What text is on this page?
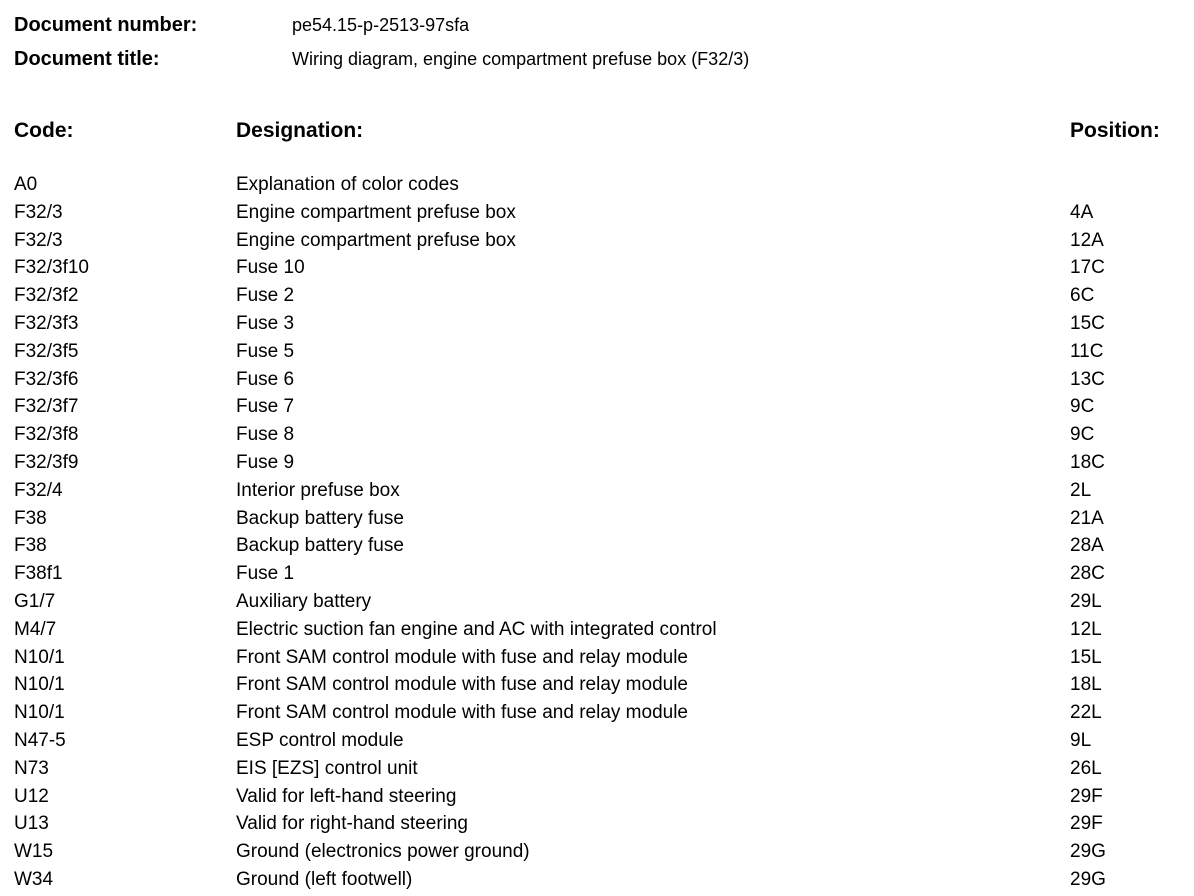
Document number:	pe54.15-p-2513-97sfa
Document title:	Wiring diagram, engine compartment prefuse box (F32/3)
Code:	Designation:	Position:
A0	Explanation of color codes
F32/3	Engine compartment prefuse box	4A
F32/3	Engine compartment prefuse box	12A
F32/3f10	Fuse 10	17C
F32/3f2	Fuse 2	6C
F32/3f3	Fuse 3	15C
F32/3f5	Fuse 5	11C
F32/3f6	Fuse 6	13C
F32/3f7	Fuse 7	9C
F32/3f8	Fuse 8	9C
F32/3f9	Fuse 9	18C
F32/4	Interior prefuse box	2L
F38	Backup battery fuse	21A
F38	Backup battery fuse	28A
F38f1	Fuse 1	28C
G1/7	Auxiliary battery	29L
M4/7	Electric suction fan engine and AC with integrated control	12L
N10/1	Front SAM control module with fuse and relay module	15L
N10/1	Front SAM control module with fuse and relay module	18L
N10/1	Front SAM control module with fuse and relay module	22L
N47-5	ESP control module	9L
N73	EIS [EZS] control unit	26L
U12	Valid for left-hand steering	29F
U13	Valid for right-hand steering	29F
W15	Ground (electronics power ground)	29G
W34	Ground (left footwell)	29G
